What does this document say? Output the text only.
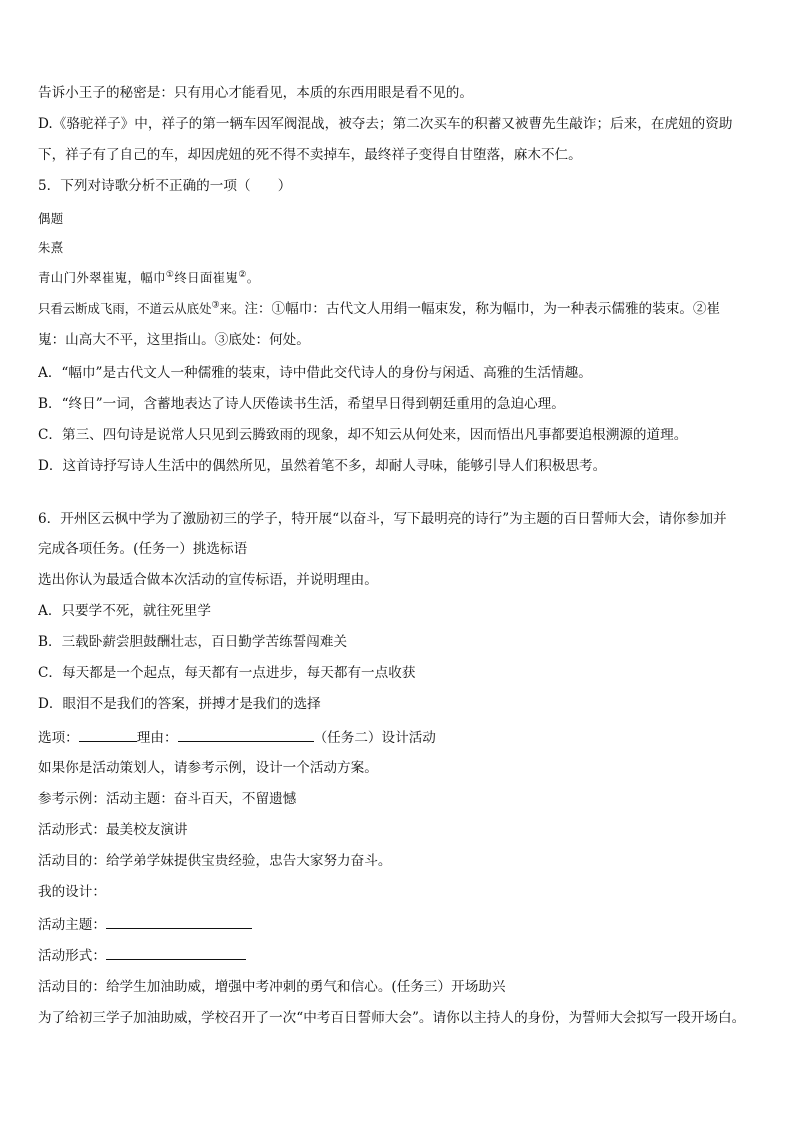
告诉小王子的秘密是：只有用心才能看见，本质的东西用眼是看不见的。
D.《骆驼祥子》中，祥子的第一辆车因军阀混战，被夺去；第二次买车的积蓄又被曹先生敲诈；后来，在虎妞的资助
下，祥子有了自己的车，却因虎妞的死不得不卖掉车，最终祥子变得自甘堕落，麻木不仁。
5．下列对诗歌分析不正确的一项（　　）
偶题
朱熹
青山门外翠崔嵬，幅巾①终日面崔嵬②。
只看云断成飞雨，不道云从底处③来。注：①幅巾：古代文人用绢一幅束发，称为幅巾，为一种表示儒雅的装束。②崔
嵬：山高大不平，这里指山。③底处：何处。
A．“幅巾”是古代文人一种儒雅的装束，诗中借此交代诗人的身份与闲适、高雅的生活情趣。
B．“终日”一词，含蓄地表达了诗人厌倦读书生活，希望早日得到朝廷重用的急迫心理。
C．第三、四句诗是说常人只见到云腾致雨的现象，却不知云从何处来，因而悟出凡事都要追根溯源的道理。
D．这首诗抒写诗人生活中的偶然所见，虽然着笔不多，却耐人寻味，能够引导人们积极思考。
6．开州区云枫中学为了激励初三的学子，特开展“以奋斗，写下最明亮的诗行”为主题的百日誓师大会，请你参加并
完成各项任务。(任务一）挑选标语
选出你认为最适合做本次活动的宣传标语，并说明理由。
A．只要学不死，就往死里学
B．三载卧薪尝胆鼓酬壮志，百日勤学苦练誓闯难关
C．每天都是一个起点，每天都有一点进步，每天都有一点收获
D．眼泪不是我们的答案，拼搏才是我们的选择
选项：	理由：	（任务二）设计活动
如果你是活动策划人，请参考示例，设计一个活动方案。
参考示例：活动主题：奋斗百天，不留遗憾
活动形式：最美校友演讲
活动目的：给学弟学妹提供宝贵经验，忠告大家努力奋斗。
我的设计：
活动主题：
活动形式：
活动目的：给学生加油助威，增强中考冲刺的勇气和信心。(任务三）开场助兴
为了给初三学子加油助威，学校召开了一次“中考百日誓师大会”。请你以主持人的身份，为誓师大会拟写一段开场白。
